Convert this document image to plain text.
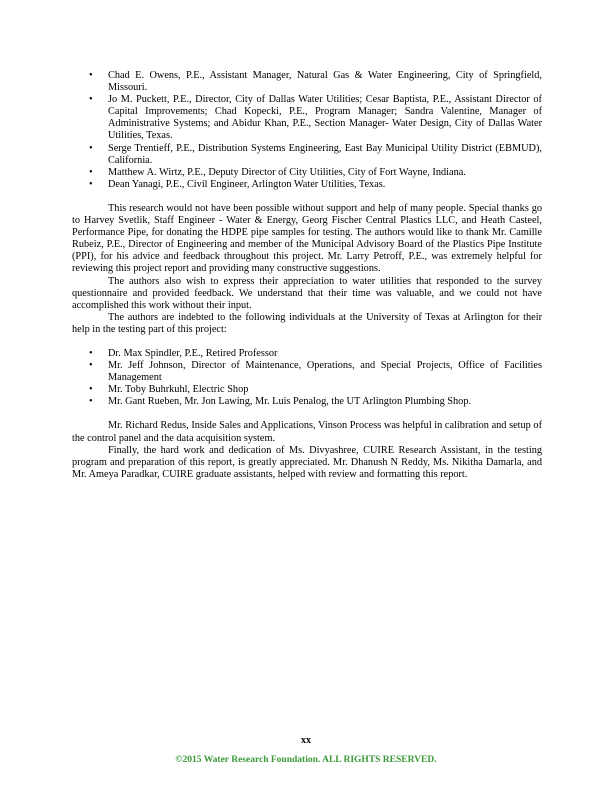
• Chad E. Owens, P.E., Assistant Manager, Natural Gas & Water Engineering, City of Springfield, Missouri.
• Jo M. Puckett, P.E., Director, City of Dallas Water Utilities; Cesar Baptista, P.E., Assistant Director of Capital Improvements; Chad Kopecki, P.E., Program Manager; Sandra Valentine, Manager of Administrative Systems; and Abidur Khan, P.E., Section Manager- Water Design, City of Dallas Water Utilities, Texas.
• Serge Trentieff, P.E., Distribution Systems Engineering, East Bay Municipal Utility District (EBMUD), California.
• Matthew A. Wirtz, P.E., Deputy Director of City Utilities, City of Fort Wayne, Indiana.
• Dean Yanagi, P.E., Civil Engineer, Arlington Water Utilities, Texas.

This research would not have been possible without support and help of many people. Special thanks go to Harvey Svetlik, Staff Engineer - Water & Energy, Georg Fischer Central Plastics LLC, and Heath Casteel, Performance Pipe, for donating the HDPE pipe samples for testing. The authors would like to thank Mr. Camille Rubeiz, P.E., Director of Engineering and member of the Municipal Advisory Board of the Plastics Pipe Institute (PPI), for his advice and feedback throughout this project. Mr. Larry Petroff, P.E., was extremely helpful for reviewing this project report and providing many constructive suggestions.

The authors also wish to express their appreciation to water utilities that responded to the survey questionnaire and provided feedback. We understand that their time was valuable, and we could not have accomplished this work without their input.

The authors are indebted to the following individuals at the University of Texas at Arlington for their help in the testing part of this project:

• Dr. Max Spindler, P.E., Retired Professor
• Mr. Jeff Johnson, Director of Maintenance, Operations, and Special Projects, Office of Facilities Management
• Mr. Toby Buhrkuhl, Electric Shop
• Mr. Gant Rueben, Mr. Jon Lawing, Mr. Luis Penalog, the UT Arlington Plumbing Shop.

Mr. Richard Redus, Inside Sales and Applications, Vinson Process was helpful in calibration and setup of the control panel and the data acquisition system.

Finally, the hard work and dedication of Ms. Divyashree, CUIRE Research Assistant, in the testing program and preparation of this report, is greatly appreciated. Mr. Dhanush N Reddy, Ms. Nikitha Damarla, and Mr. Ameya Paradkar, CUIRE graduate assistants, helped with review and formatting this report.

xx
©2015 Water Research Foundation. ALL RIGHTS RESERVED.
